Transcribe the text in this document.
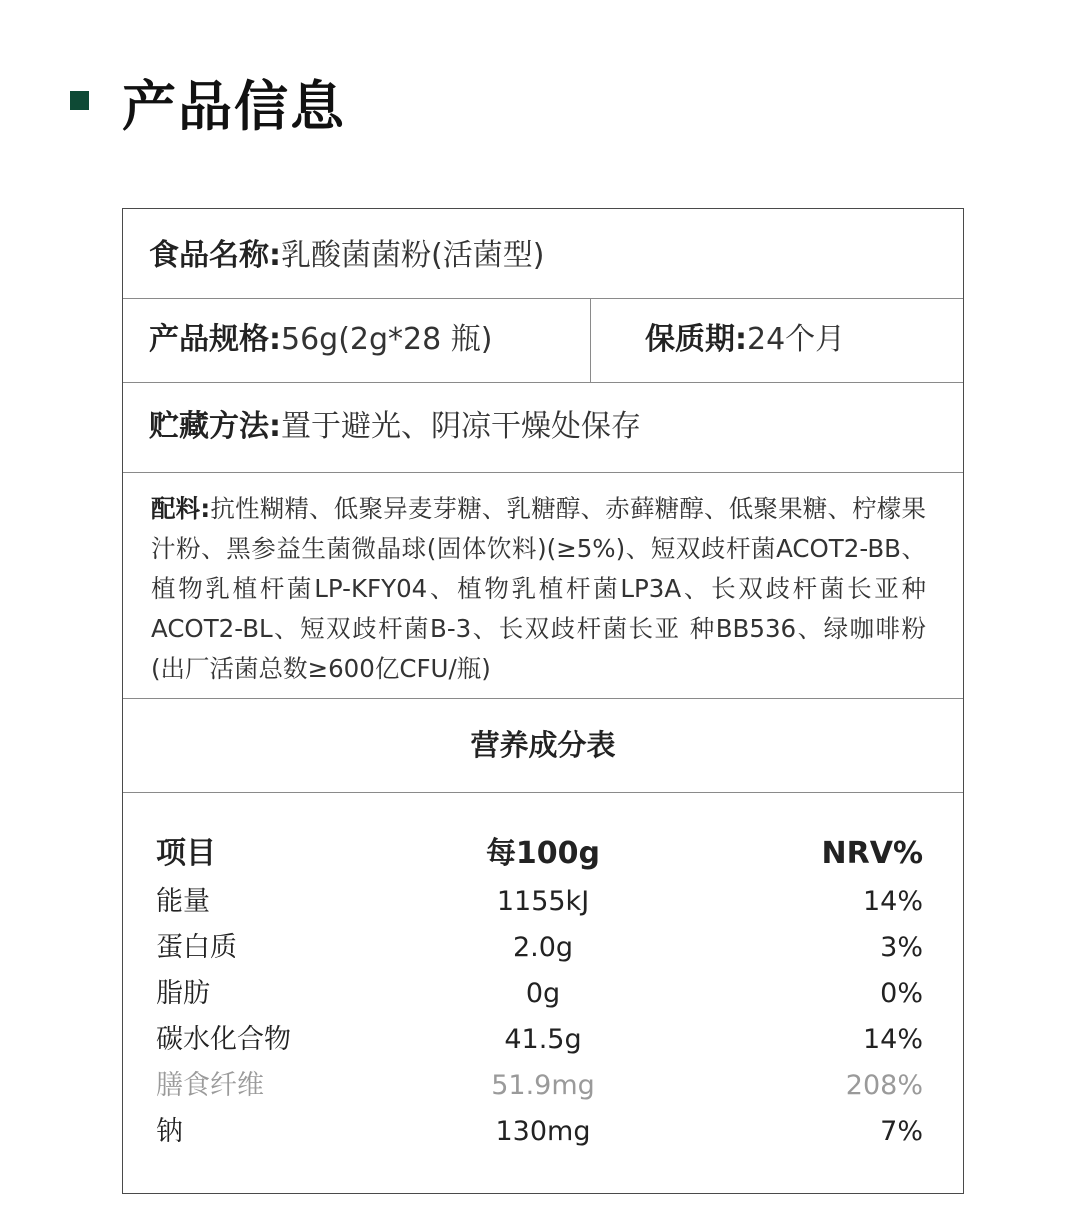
产品信息
食品名称:乳酸菌菌粉(活菌型)
产品规格:56g(2g*28 瓶)	保质期:24个月
贮藏方法:置于避光、阴凉干燥处保存
配料:抗性糊精、低聚异麦芽糖、乳糖醇、赤藓糖醇、低聚果糖、柠檬果汁粉、黑参益生菌微晶球(固体饮料)(≥5%)、短双歧杆菌ACOT2-BB、植物乳植杆菌LP-KFY04、植物乳植杆菌LP3A、长双歧杆菌长亚种ACOT2-BL、短双歧杆菌B-3、长双歧杆菌长亚 种BB536、绿咖啡粉(出厂活菌总数≥600亿CFU/瓶)
营养成分表
项目	每100g	NRV%
能量	1155kJ	14%
蛋白质	2.0g	3%
脂肪	0g	0%
碳水化合物	41.5g	14%
膳食纤维	51.9mg	208%
钠	130mg	7%
